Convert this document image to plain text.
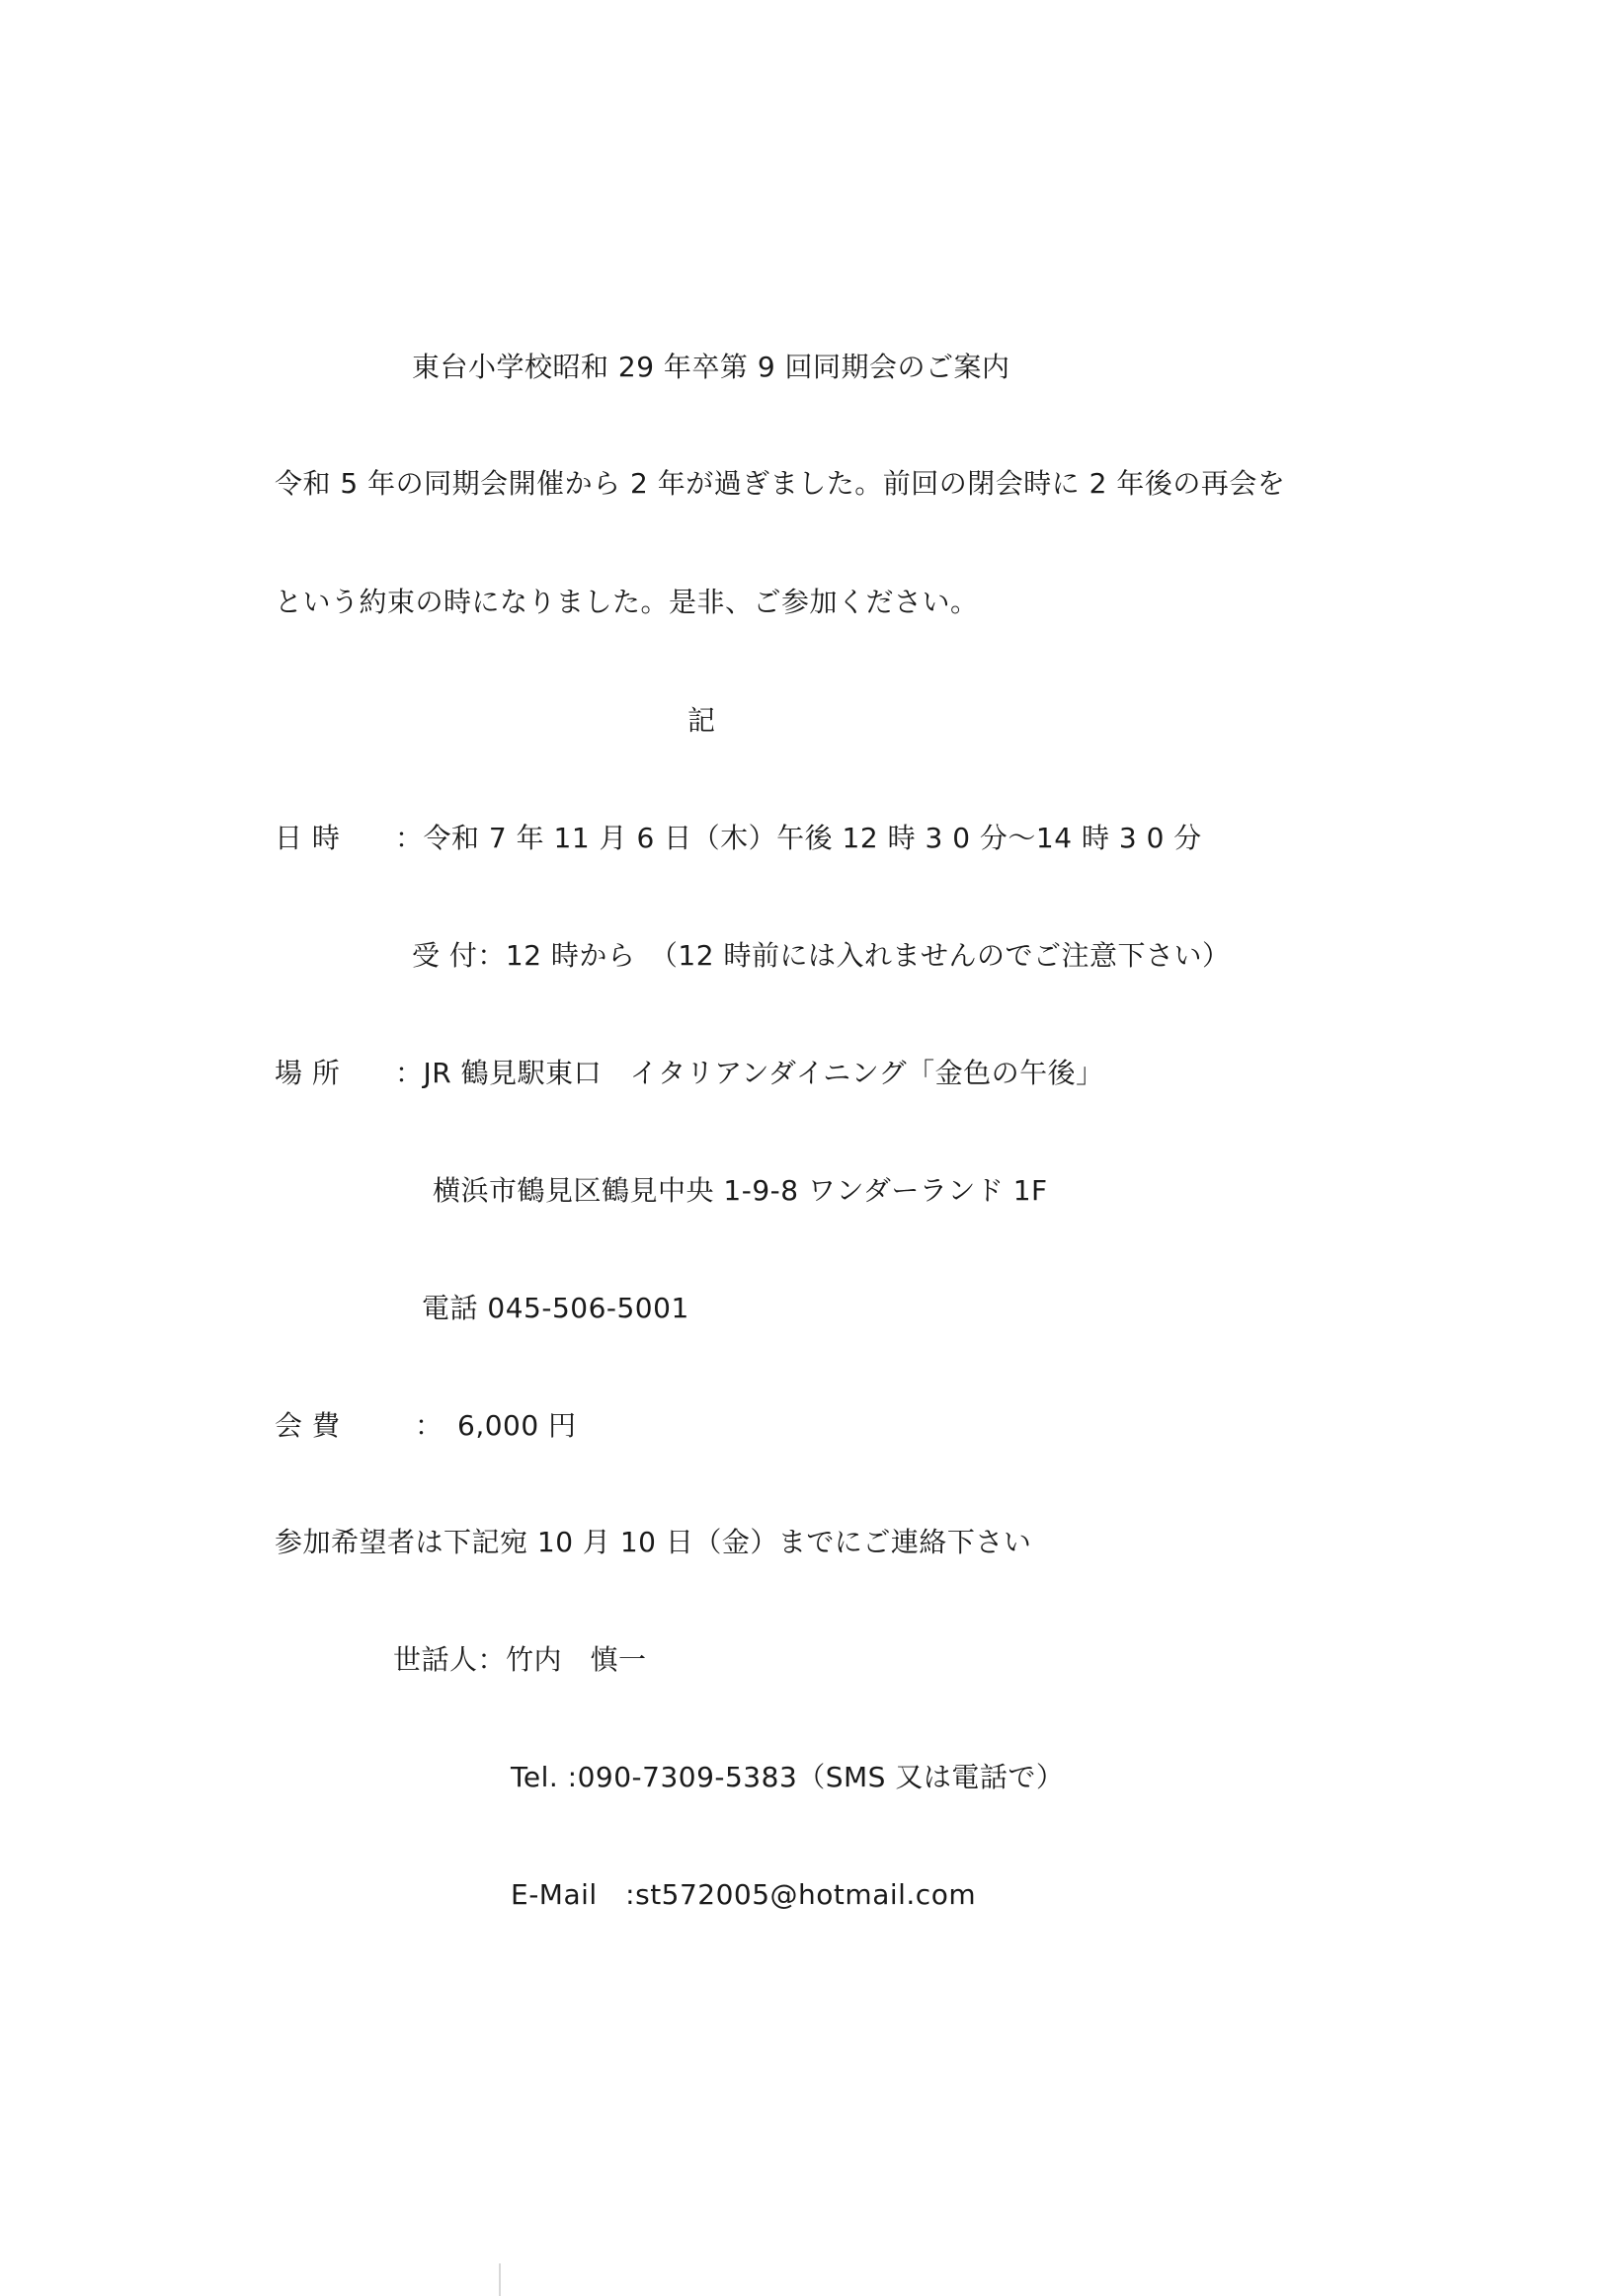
東台小学校昭和 29 年卒第 9 回同期会のご案内
令和 5 年の同期会開催から 2 年が過ぎました。前回の閉会時に 2 年後の再会を
という約束の時になりました。是非、ご参加ください。
記
日 時 ：令和 7 年 11 月 6 日（木）午後 12 時 3 0 分～14 時 3 0 分
受 付：12 時から　（12 時前には入れませんのでご注意下さい）
場 所 ：JR 鶴見駅東口　イタリアンダイニング「金色の午後」
横浜市鶴見区鶴見中央 1-9-8 ワンダーランド 1F
電話 045-506-5001
会 費	：　6,000 円
参加希望者は下記宛 10 月 10 日（金）までにご連絡下さい
世話人：竹内　慎一
Tel. :090-7309-5383（SMS 又は電話で）
E-Mail　:st572005@hotmail.com
